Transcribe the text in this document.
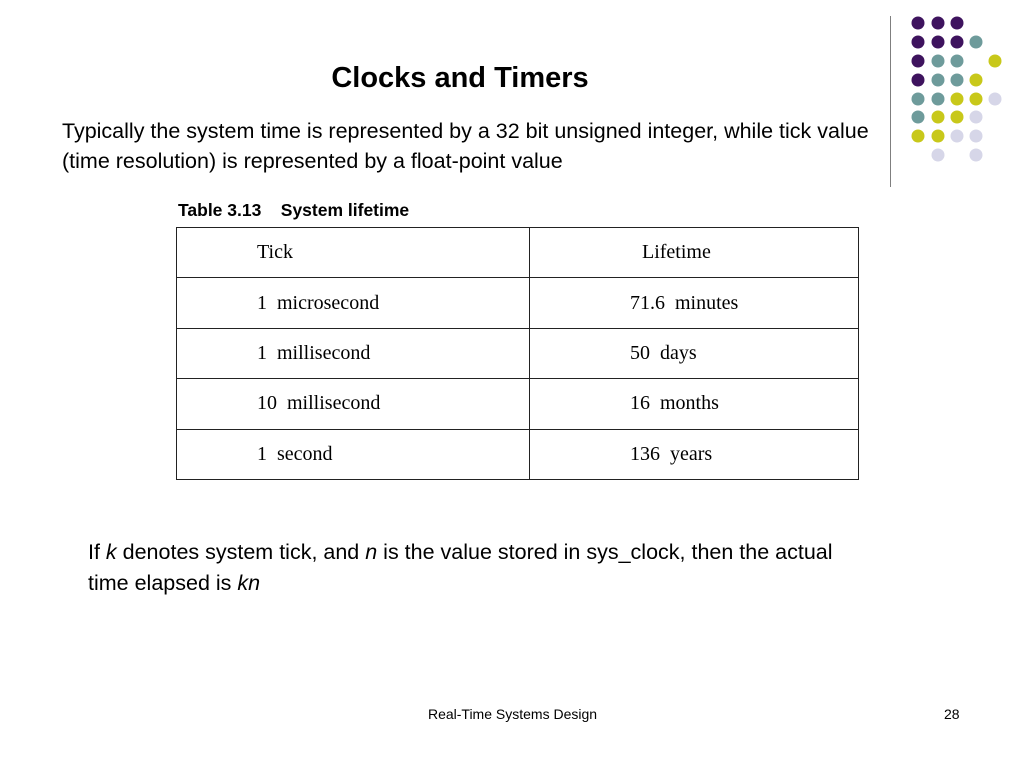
Clocks and Timers
Typically the system time is represented by a 32 bit unsigned integer, while tick value (time resolution) is represented by a float-point value
Table 3.13    System lifetime
Tick	Lifetime
1  microsecond	71.6  minutes
1  millisecond	50  days
10  millisecond	16  months
1  second	136  years
If k denotes system tick, and n is the value stored in sys_clock, then the actual time elapsed is kn
Real-Time Systems Design	28
